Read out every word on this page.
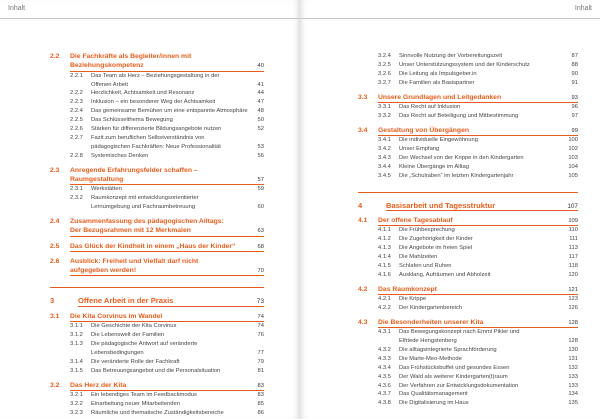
Inhalt
2.2	Die Fachkräfte als Begleiter/innen mit
Beziehungskompetenz	40
2.2.1	Das Team als Herz – Beziehungsgestaltung in der
Offenen Arbeit	41
2.2.2	Herzlichkeit, Achtsamkeit und Resonanz	44
2.2.3	Inklusion – ein besonderer Weg der Achtsamkeit	47
2.2.4	Das gemeinsame Bemühen um eine entspannte Atmosphäre	48
2.2.5	Das Schlüsselthema Bewegung	50
2.2.6	Stärken für differenzierte Bildungsangebote nutzen	52
2.2.7	Fazit zum beruflichen Selbstverständnis von
pädagogischen Fachkräften: Neue Professionalität	53
2.2.8	Systemisches Denken	56
2.3	Anregende Erfahrungsfelder schaffen –
Raumgestaltung	57
2.3.1	Werkstätten	59
2.3.2	Raumkonzept mit entwicklungsorientierter
Lernumgebung und Fachraumbetreuung	60
2.4	Zusammenfassung des pädagogischen Alltags:
Der Bezugsrahmen mit 12 Merkmalen	63
2.5	Das Glück der Kindheit in einem „Haus der Kinder“	68
2.6	Ausblick: Freiheit und Vielfalt darf nicht
aufgegeben werden!	70
3	Offene Arbeit in der Praxis	73
3.1	Die Kita Corvinus im Wandel	74
3.1.1	Die Geschichte der Kita Corvinus	74
3.1.2	Die Lebenswelt der Familien	76
3.1.3	Die pädagogische Antwort auf veränderte
Lebensbedingungen	77
3.1.4	Die veränderte Rolle der Fachkraft	79
3.1.5	Das Betreuungsangebot und die Personalsituation	81
3.2	Das Herz der Kita	83
3.2.1	Ein lebendiges Team im Feedbackmodus	83
3.2.2	Einarbeitung neuer Mitarbeitenden	85
3.2.3	Räumliche und thematische Zuständigkeitsbereiche	86
Inhalt
3.2.4	Sinnvolle Nutzung der Vorbereitungszeit	87
3.2.5	Unser Unterstützungssystem und der Kinderschutz	88
3.2.6	Die Leitung als Impulsgeber.in	90
3.2.7	Die Familien als Basispartner	91
3.3	Unsere Grundlagen und Leitgedanken	93
3.3.1	Das Recht auf Inklusion	96
3.3.2	Das Recht auf Beteiligung und Mitbestimmung	97
3.4	Gestaltung von Übergängen	99
3.4.1	Die individuelle Eingewöhnung	100
3.4.2	Unser Empfang	102
3.4.3	Der Wechsel von der Krippe in den Kindergarten	103
3.4.4	Kleine Übergänge im Alltag	104
3.4.5	Die „Schulraben“ im letzten Kindergartenjahr	105
4	Basisarbeit und Tagesstruktur	107
4.1	Der offene Tagesablauf	109
4.1.1	Die Frühbesprechung	110
4.1.2	Die Zugehörigkeit der Kinder	111
4.1.3	Die Angebote im freien Spiel	113
4.1.4	Die Mahlzeiten	117
4.1.5	Schlafen und Ruhen	118
4.1.6	Ausklang, Aufräumen und Abholzeit	120
4.2	Das Raumkonzept	121
4.2.1	Die Krippe	123
4.2.2	Der Kindergartenbereich	126
4.3	Die Besonderheiten unserer Kita	128
4.3.1	Das Bewegungskonzept nach Emmi Pikler und
Elfriede Hengstenberg	128
4.3.2	Die alltagsintegrierte Sprachförderung	130
4.3.3	Die Marte-Meo-Methode	131
4.3.4	Das Frühstücksbuffet und gesundes Essen	132
4.3.5	Der Wald als weiterer Kindergarten(t)raum	133
4.3.6	Der Verfahren zur Entwicklungsdokumentation	133
4.3.7	Das Qualitätsmanagement	134
4.3.8	Die Digitalisierung im Haus	135
